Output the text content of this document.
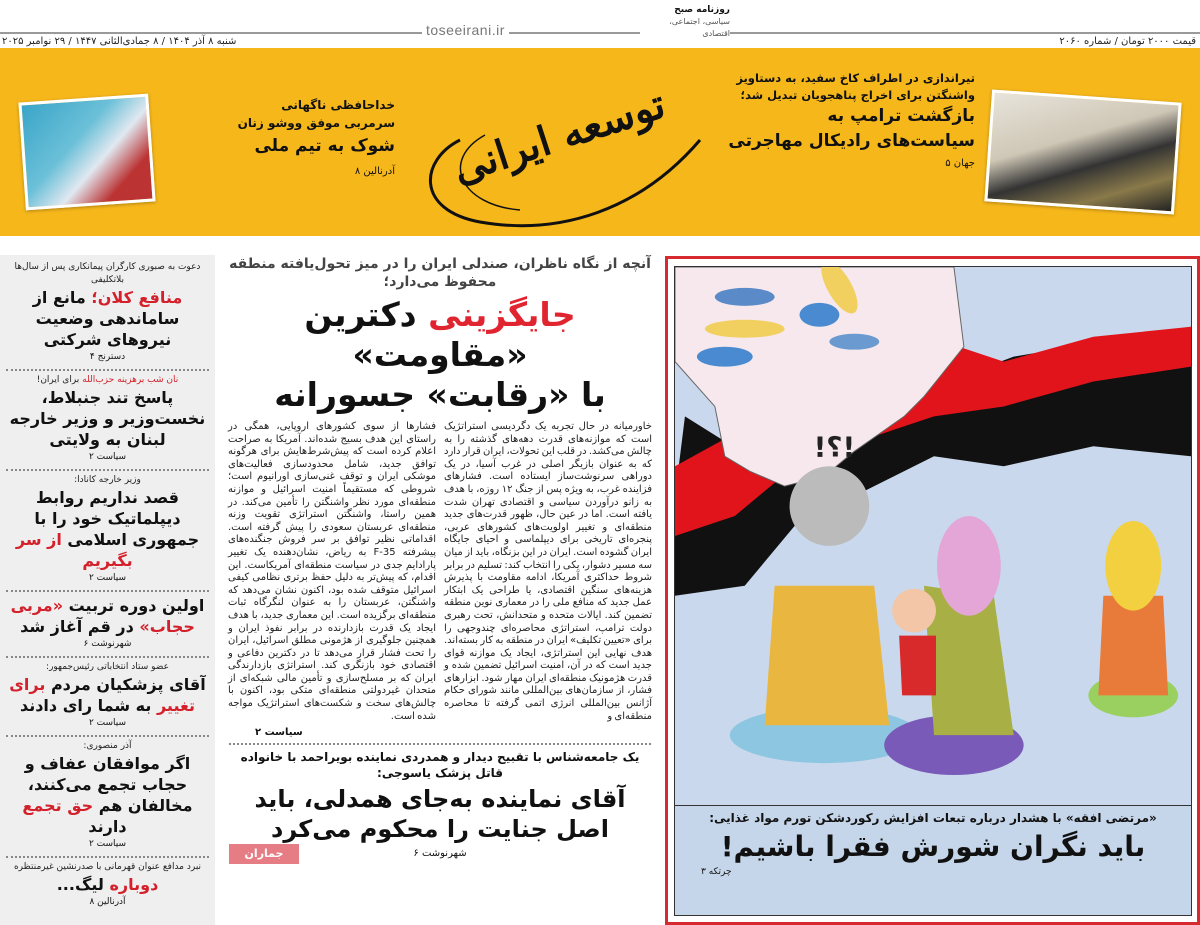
شنبه ۸ آذر ۱۴۰۴ / ۸ جمادی‌الثانی ۱۴۴۷ / ۲۹ نوامبر ۲۰۲۵
toseeirani.ir
قیمت ۲۰۰۰ تومان / شماره ۲۰۶۰
توسعه ایرانی
روزنامه صبح
سیاسی، اجتماعی، اقتصادی
خداحافظی ناگهانی
سرمربی موفق ووشو زنان
شوک به تیم ملی
آدرنالین ۸
تیراندازی در اطراف کاخ سفید، به دستاویز واشنگتن برای اخراج پناهجویان تبدیل شد؛
بازگشت ترامپ به سیاست‌های رادیکال مهاجرتی
جهان ۵
دعوت به صبوری کارگران پیمانکاری پس از سال‌ها بلاتکلیفی
منافع کلان؛ مانع از ساماندهی وضعیت نیروهای شرکتی
دسترنج ۴
نان شب برهزینه حزب‌الله برای ایران!
پاسخ تند جنبلاط، نخست‌وزیر و وزیر خارجه لبنان به ولایتی
سیاست ۲
وزیر خارجه کانادا:
قصد نداریم روابط دیپلماتیک خود را با جمهوری اسلامی از سر بگیریم
سیاست ۲
اولین دوره تربیت «مربی حجاب» در قم آغاز شد
شهرنوشت ۶
عضو ستاد انتخاباتی رئیس‌جمهور:
آقای پزشکیان مردم برای تغییر به شما رای دادند
سیاست ۲
آذر منصوری:
اگر موافقان عفاف و حجاب تجمع می‌کنند، مخالفان هم حق تجمع دارند
سیاست ۲
نبرد مدافع عنوان قهرمانی با صدرنشین غیرمنتظره
دوباره لیگ...
آدرنالین ۸
آنچه از نگاه ناظران، صندلی ایران را در میز تحول‌یافته منطقه محفوظ می‌دارد؛
جایگزینی دکترین «مقاومت»
با «رقابت» جسورانه
خاورمیانه در حال تجربه یک دگردیسی استراتژیک است که موازنه‌های قدرت دهه‌های گذشته را به چالش می‌کشد. در قلب این تحولات، ایران قرار دارد که به عنوان بازیگر اصلی در غرب آسیا، در یک دوراهی سرنوشت‌ساز ایستاده است. فشارهای فزاینده غرب، به ویژه پس از جنگ ۱۲ روزه، با هدف به زانو درآوردن سیاسی و اقتصادی تهران شدت یافته است. اما در عین حال، ظهور قدرت‌های جدید منطقه‌ای و تغییر اولویت‌های کشورهای عربی، پنجره‌ای تاریخی برای دیپلماسی و احیای جایگاه ایران گشوده است. ایران در این بزنگاه، باید از میان سه مسیر دشوار، یکی را انتخاب کند: تسلیم در برابر شروط حداکثری آمریکا، ادامه مقاومت با پذیرش هزینه‌های سنگین اقتصادی، یا طراحی یک ابتکار عمل جدید که منافع ملی را در معماری نوین منطقه تضمین کند. ایالات متحده و متحدانش، تحت رهبری دولت ترامپ، استراتژی محاصره‌ای چندوجهی را برای «تعیین تکلیف» ایران در منطقه به کار بسته‌اند. هدف نهایی این استراتژی، ایجاد یک موازنه قوای جدید است که در آن، امنیت اسرائیل تضمین شده و قدرت هژمونیک منطقه‌ای ایران مهار شود. ابزارهای فشار، از سازمان‌های بین‌المللی مانند شورای حکام آژانس بین‌المللی انرژی اتمی گرفته تا محاصره منطقه‌ای و
فشارها از سوی کشورهای اروپایی، همگی در راستای این هدف بسیج شده‌اند. آمریکا به صراحت اعلام کرده است که پیش‌شرط‌هایش برای هرگونه توافق جدید، شامل محدودسازی فعالیت‌های موشکی ایران و توقف غنی‌سازی اورانیوم است؛ شروطی که مستقیماً امنیت اسرائیل و موازنه منطقه‌ای مورد نظر واشنگتن را تأمین می‌کند. در همین راستا، واشنگتن استراتژی تقویت وزنه منطقه‌ای عربستان سعودی را پیش گرفته است. اقداماتی نظیر توافق بر سر فروش جنگنده‌های پیشرفته F-35 به ریاض، نشان‌دهنده یک تغییر پارادایم جدی در سیاست منطقه‌ای آمریکاست. این اقدام، که پیش‌تر به دلیل حفظ برتری نظامی کیفی اسرائیل متوقف شده بود، اکنون نشان می‌دهد که واشنگتن، عربستان را به عنوان لنگرگاه ثبات منطقه‌ای برگزیده است. این معماری جدید، با هدف ایجاد یک قدرت بازدارنده در برابر نفوذ ایران و همچنین جلوگیری از هژمونی مطلق اسرائیل، ایران را تحت فشار قرار می‌دهد تا در دکترین دفاعی و اقتصادی خود بازنگری کند. استراتژی بازدارندگی ایران که بر مسلح‌سازی و تأمین مالی شبکه‌ای از متحدان غیردولتی منطقه‌ای متکی بود، اکنون با چالش‌های سخت و شکست‌های استراتژیک مواجه شده است.
سیاست ۲
یک جامعه‌شناس با تقبیح دیدار و همدردی نماینده بویراحمد با خانواده قاتل پزشک یاسوجی:
آقای نماینده به‌جای همدلی، باید اصل جنایت را محکوم می‌کرد
شهرنوشت ۶
جماران
!؟!
«مرتضی افقه» با هشدار درباره تبعات افزایش رکوردشکن تورم مواد غذایی:
باید نگران شورش فقرا باشیم!
چرتکه ۳
